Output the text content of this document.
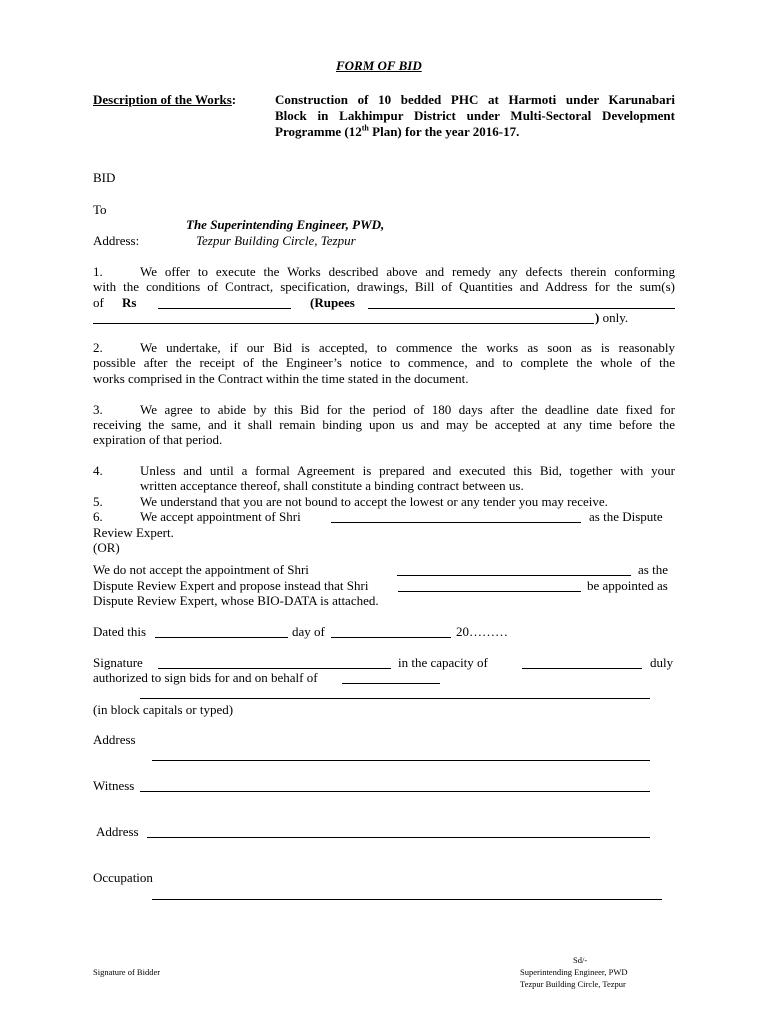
FORM OF BID
Description of the Works:	Construction of 10 bedded PHC at Harmoti under Karunabari
Block in Lakhimpur District under Multi-Sectoral Development
Programme (12th Plan) for the year 2016-17.
BID
To
The Superintending Engineer, PWD,
Address:	Tezpur Building Circle, Tezpur
1.	We offer to execute the Works described above and remedy any defects therein conforming
with the conditions of Contract, specification, drawings, Bill of Quantities and Address for the sum(s)
of Rs	(Rupees
) only.
2.	We undertake, if our Bid is accepted, to commence the works as soon as is reasonably
possible after the receipt of the Engineer’s notice to commence, and to complete the whole of the
works comprised in the Contract within the time stated in the document.
3.	We agree to abide by this Bid for the period of 180 days after the deadline date fixed for
receiving the same, and it shall remain binding upon us and may be accepted at any time before the
expiration of that period.
4.	Unless and until a formal Agreement is prepared and executed this Bid, together with your
written acceptance thereof, shall constitute a binding contract between us.
5.	We understand that you are not bound to accept the lowest or any tender you may receive.
6.	We accept appointment of Shri	as the Dispute
Review Expert.
(OR)
We do not accept the appointment of Shri	as the
Dispute Review Expert and propose instead that Shri	be appointed as
Dispute Review Expert, whose BIO-DATA is attached.
Dated this	day of	20………
Signature	in the capacity of	duly
authorized to sign bids for and on behalf of
(in block capitals or typed)
Address
Witness
Address
Occupation
Signature of Bidder
Sd/-
Superintending Engineer, PWD
Tezpur Building Circle, Tezpur
